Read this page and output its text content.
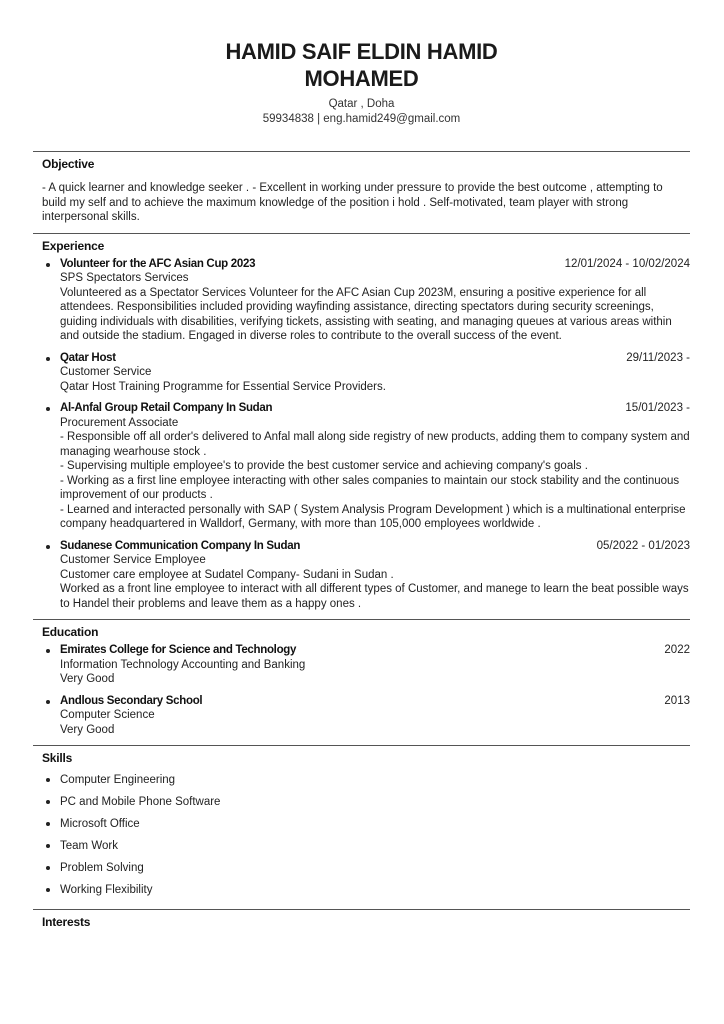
HAMID SAIF ELDIN HAMID
MOHAMED
Qatar , Doha
59934838 | eng.hamid249@gmail.com
Objective
- A quick learner and knowledge seeker . - Excellent in working under pressure to provide the best outcome , attempting to build my self and to achieve the maximum knowledge of the position i hold . Self-motivated, team player with strong interpersonal skills.
Experience
Volunteer for the AFC Asian Cup 2023	12/01/2024 - 10/02/2024
SPS Spectators Services
Volunteered as a Spectator Services Volunteer for the AFC Asian Cup 2023M, ensuring a positive experience for all attendees. Responsibilities included providing wayfinding assistance, directing spectators during security screenings, guiding individuals with disabilities, verifying tickets, assisting with seating, and managing queues at various areas within and outside the stadium. Engaged in diverse roles to contribute to the overall success of the event.
Qatar Host	29/11/2023 -
Customer Service
Qatar Host Training Programme for Essential Service Providers.
Al-Anfal Group Retail Company In Sudan	15/01/2023 -
Procurement Associate
- Responsible off all order's delivered to Anfal mall along side registry of new products, adding them to company system and managing wearhouse stock .
- Supervising multiple employee's to provide the best customer service and achieving company's goals .
- Working as a first line employee interacting with other sales companies to maintain our stock stability and the continuous improvement of our products .
- Learned and interacted personally with SAP ( System Analysis Program Development ) which is a multinational enterprise company headquartered in Walldorf, Germany, with more than 105,000 employees worldwide .
Sudanese Communication Company In Sudan	05/2022 - 01/2023
Customer Service Employee
Customer care employee at Sudatel Company- Sudani in Sudan .
Worked as a front line employee to interact with all different types of Customer, and manege to learn the beat possible ways to Handel their problems and leave them as a happy ones .
Education
Emirates College for Science and Technology	2022
Information Technology Accounting and Banking
Very Good
Andlous Secondary School	2013
Computer Science
Very Good
Skills
Computer Engineering
PC and Mobile Phone Software
Microsoft Office
Team Work
Problem Solving
Working Flexibility
Interests
